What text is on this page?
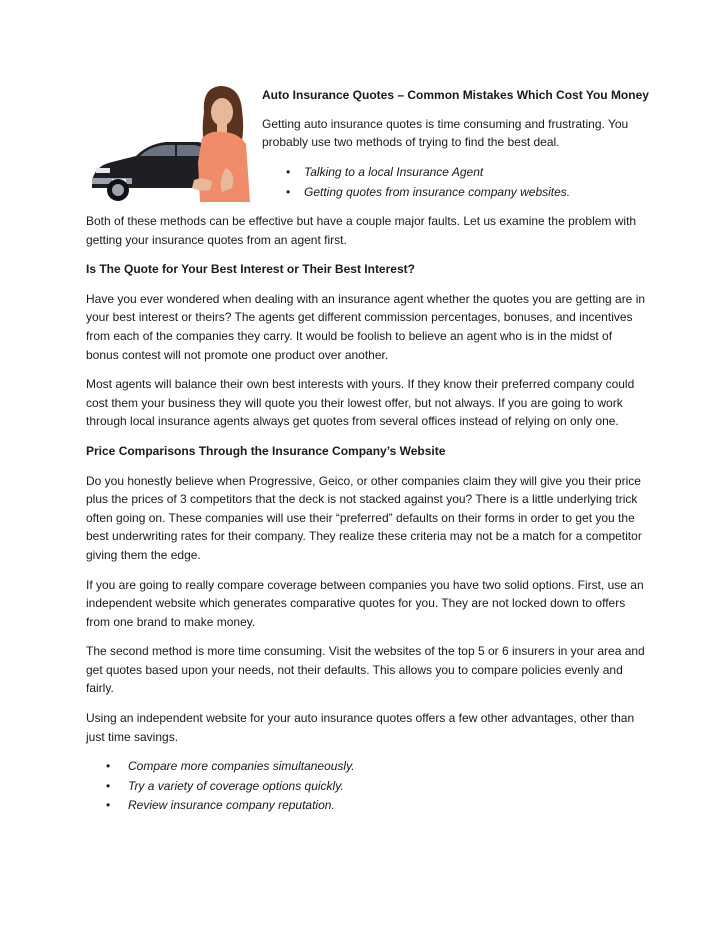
Auto Insurance Quotes – Common Mistakes Which Cost You Money

Getting auto insurance quotes is time consuming and frustrating. You probably use two methods of trying to find the best deal.

• Talking to a local Insurance Agent
• Getting quotes from insurance company websites.

Both of these methods can be effective but have a couple major faults. Let us examine the problem with getting your insurance quotes from an agent first.

Is The Quote for Your Best Interest or Their Best Interest?

Have you ever wondered when dealing with an insurance agent whether the quotes you are getting are in your best interest or theirs? The agents get different commission percentages, bonuses, and incentives from each of the companies they carry. It would be foolish to believe an agent who is in the midst of bonus contest will not promote one product over another.

Most agents will balance their own best interests with yours. If they know their preferred company could cost them your business they will quote you their lowest offer, but not always. If you are going to work through local insurance agents always get quotes from several offices instead of relying on only one.

Price Comparisons Through the Insurance Company’s Website

Do you honestly believe when Progressive, Geico, or other companies claim they will give you their price plus the prices of 3 competitors that the deck is not stacked against you? There is a little underlying trick often going on. These companies will use their “preferred” defaults on their forms in order to get you the best underwriting rates for their company. They realize these criteria may not be a match for a competitor giving them the edge.

If you are going to really compare coverage between companies you have two solid options. First, use an independent website which generates comparative quotes for you. They are not locked down to offers from one brand to make money.

The second method is more time consuming. Visit the websites of the top 5 or 6 insurers in your area and get quotes based upon your needs, not their defaults. This allows you to compare policies evenly and fairly.

Using an independent website for your auto insurance quotes offers a few other advantages, other than just time savings.

• Compare more companies simultaneously.
• Try a variety of coverage options quickly.
• Review insurance company reputation.
